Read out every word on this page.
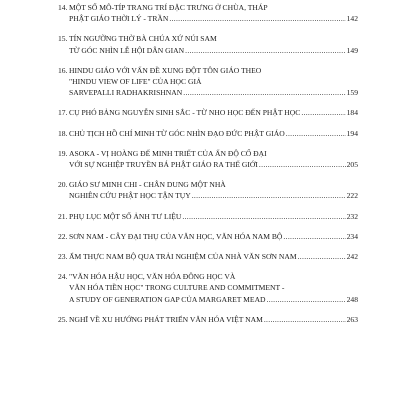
14. MỘT SỐ MÔ-TÍP TRANG TRÍ ĐẶC TRƯNG Ở CHÙA, THÁP
PHẬT GIÁO THỜI LÝ - TRẦN .....	142
15. TÍN NGƯỠNG THỜ BÀ CHÚA XỨ NÚI SAM
TỪ GÓC NHÌN LỄ HỘI DÂN GIAN .....	149
16. HINDU GIÁO VỚI VẤN ĐỀ XUNG ĐỘT TÔN GIÁO THEO
"HINDU VIEW OF LIFE" CỦA HỌC GIẢ
SARVEPALLI RADHAKRISHNAN .....	159
17. CỤ PHÓ BẢNG NGUYỄN SINH SẮC - TỪ NHO HỌC ĐẾN PHẬT HỌC .....	184
18. CHỦ TỊCH HỒ CHÍ MINH TỪ GÓC NHÌN ĐẠO ĐỨC PHẬT GIÁO .....	194
19. ASOKA - VỊ HOÀNG ĐẾ MINH TRIẾT CỦA ẤN ĐỘ CỔ ĐẠI
VỚI SỰ NGHIỆP TRUYỀN BÁ PHẬT GIÁO RA THẾ GIỚI .....	205
20. GIÁO SƯ MINH CHI - CHÂN DUNG MỘT NHÀ
NGHIÊN CỨU PHẬT HỌC TẬN TỤY .....	222
21. PHỤ LỤC MỘT SỐ ẢNH TƯ LIỆU .....	232
22. SƠN NAM - CÂY ĐẠI THỤ CỦA VĂN HỌC, VĂN HÓA NAM BỘ .....	234
23. ẨM THỰC NAM BỘ QUA TRẢI NGHIỆM CỦA NHÀ VĂN SƠN NAM .....	242
24. "VĂN HÓA HẬU HỌC, VĂN HÓA ĐÔNG HỌC VÀ
VĂN HÓA TIỀN HỌC" TRONG CULTURE AND COMMITMENT -
A STUDY OF GENERATION GAP CỦA MARGARET MEAD .....	248
25. NGHĨ VỀ XU HƯỚNG PHÁT TRIỂN VĂN HÓA VIỆT NAM .....	263
